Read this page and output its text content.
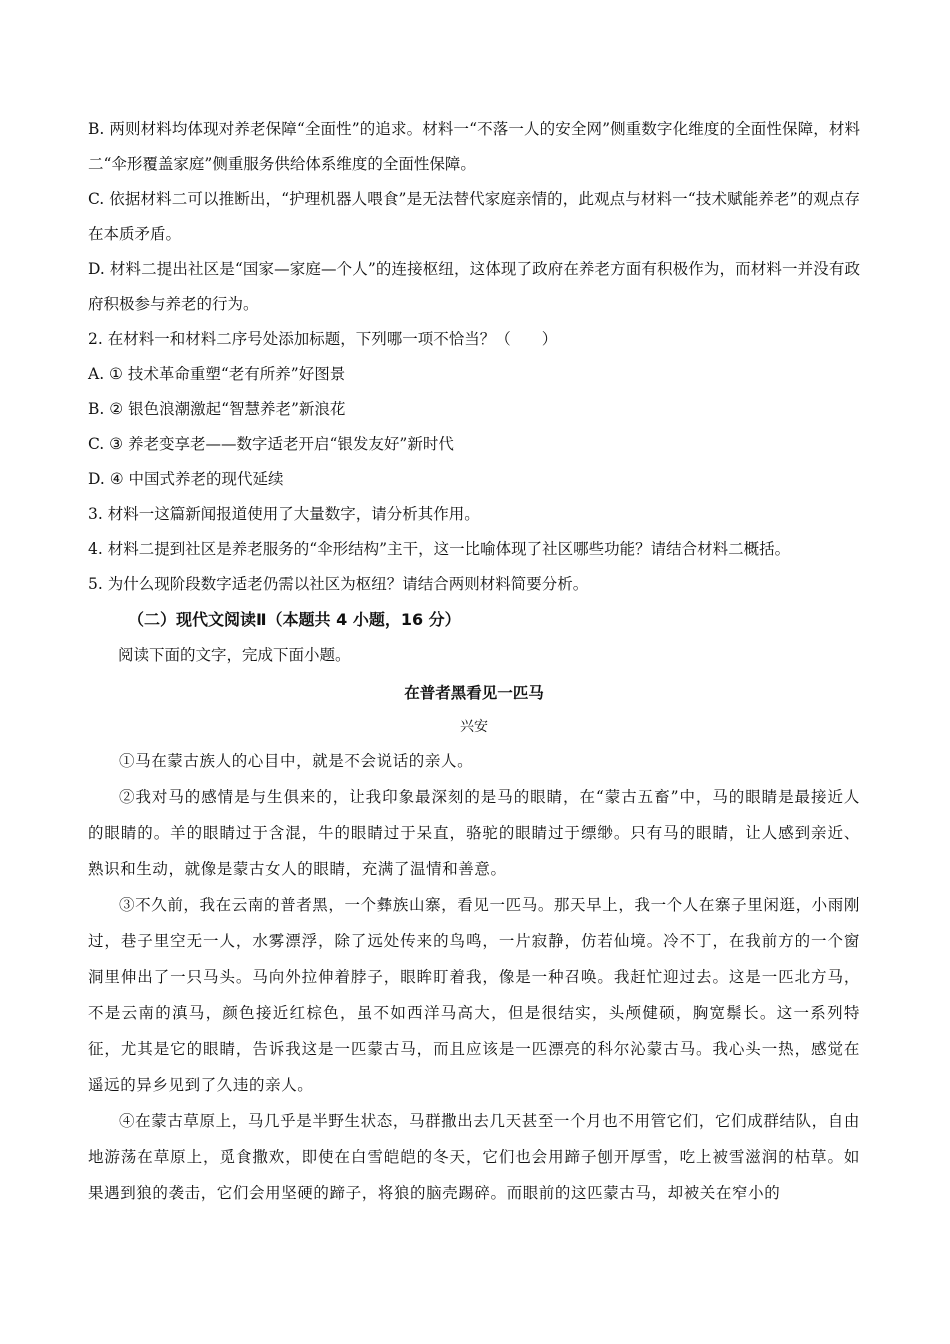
B. 两则材料均体现对养老保障“全面性”的追求。材料一“不落一人的安全网”侧重数字化维度的全面性保障，材料二“伞形覆盖家庭”侧重服务供给体系维度的全面性保障。

C. 依据材料二可以推断出，“护理机器人喂食”是无法替代家庭亲情的，此观点与材料一“技术赋能养老”的观点存在本质矛盾。

D. 材料二提出社区是“国家—家庭—个人”的连接枢纽，这体现了政府在养老方面有积极作为，而材料一并没有政府积极参与养老的行为。

2. 在材料一和材料二序号处添加标题，下列哪一项不恰当？（　　）

A. ① 技术革命重塑“老有所养”好图景

B. ② 银色浪潮激起“智慧养老”新浪花

C. ③ 养老变享老——数字适老开启“银发友好”新时代

D. ④ 中国式养老的现代延续

3. 材料一这篇新闻报道使用了大量数字，请分析其作用。

4. 材料二提到社区是养老服务的“伞形结构”主干，这一比喻体现了社区哪些功能？请结合材料二概括。

5. 为什么现阶段数字适老仍需以社区为枢纽？请结合两则材料简要分析。

（二）现代文阅读Ⅱ（本题共 4 小题，16 分）

阅读下面的文字，完成下面小题。

在普者黑看见一匹马

兴安

①马在蒙古族人的心目中，就是不会说话的亲人。

②我对马的感情是与生俱来的，让我印象最深刻的是马的眼睛，在“蒙古五畜”中，马的眼睛是最接近人的眼睛的。羊的眼睛过于含混，牛的眼睛过于呆直，骆驼的眼睛过于缥缈。只有马的眼睛，让人感到亲近、熟识和生动，就像是蒙古女人的眼睛，充满了温情和善意。

③不久前，我在云南的普者黑，一个彝族山寨，看见一匹马。那天早上，我一个人在寨子里闲逛，小雨刚过，巷子里空无一人，水雾漂浮，除了远处传来的鸟鸣，一片寂静，仿若仙境。冷不丁，在我前方的一个窗洞里伸出了一只马头。马向外拉伸着脖子，眼眸盯着我，像是一种召唤。我赶忙迎过去。这是一匹北方马，不是云南的滇马，颜色接近红棕色，虽不如西洋马高大，但是很结实，头颅健硕，胸宽鬃长。这一系列特征，尤其是它的眼睛，告诉我这是一匹蒙古马，而且应该是一匹漂亮的科尔沁蒙古马。我心头一热，感觉在遥远的异乡见到了久违的亲人。

④在蒙古草原上，马几乎是半野生状态，马群撒出去几天甚至一个月也不用管它们，它们成群结队，自由地游荡在草原上，觅食撒欢，即使在白雪皑皑的冬天，它们也会用蹄子刨开厚雪，吃上被雪滋润的枯草。如果遇到狼的袭击，它们会用坚硬的蹄子，将狼的脑壳踢碎。而眼前的这匹蒙古马，却被关在窄小的
